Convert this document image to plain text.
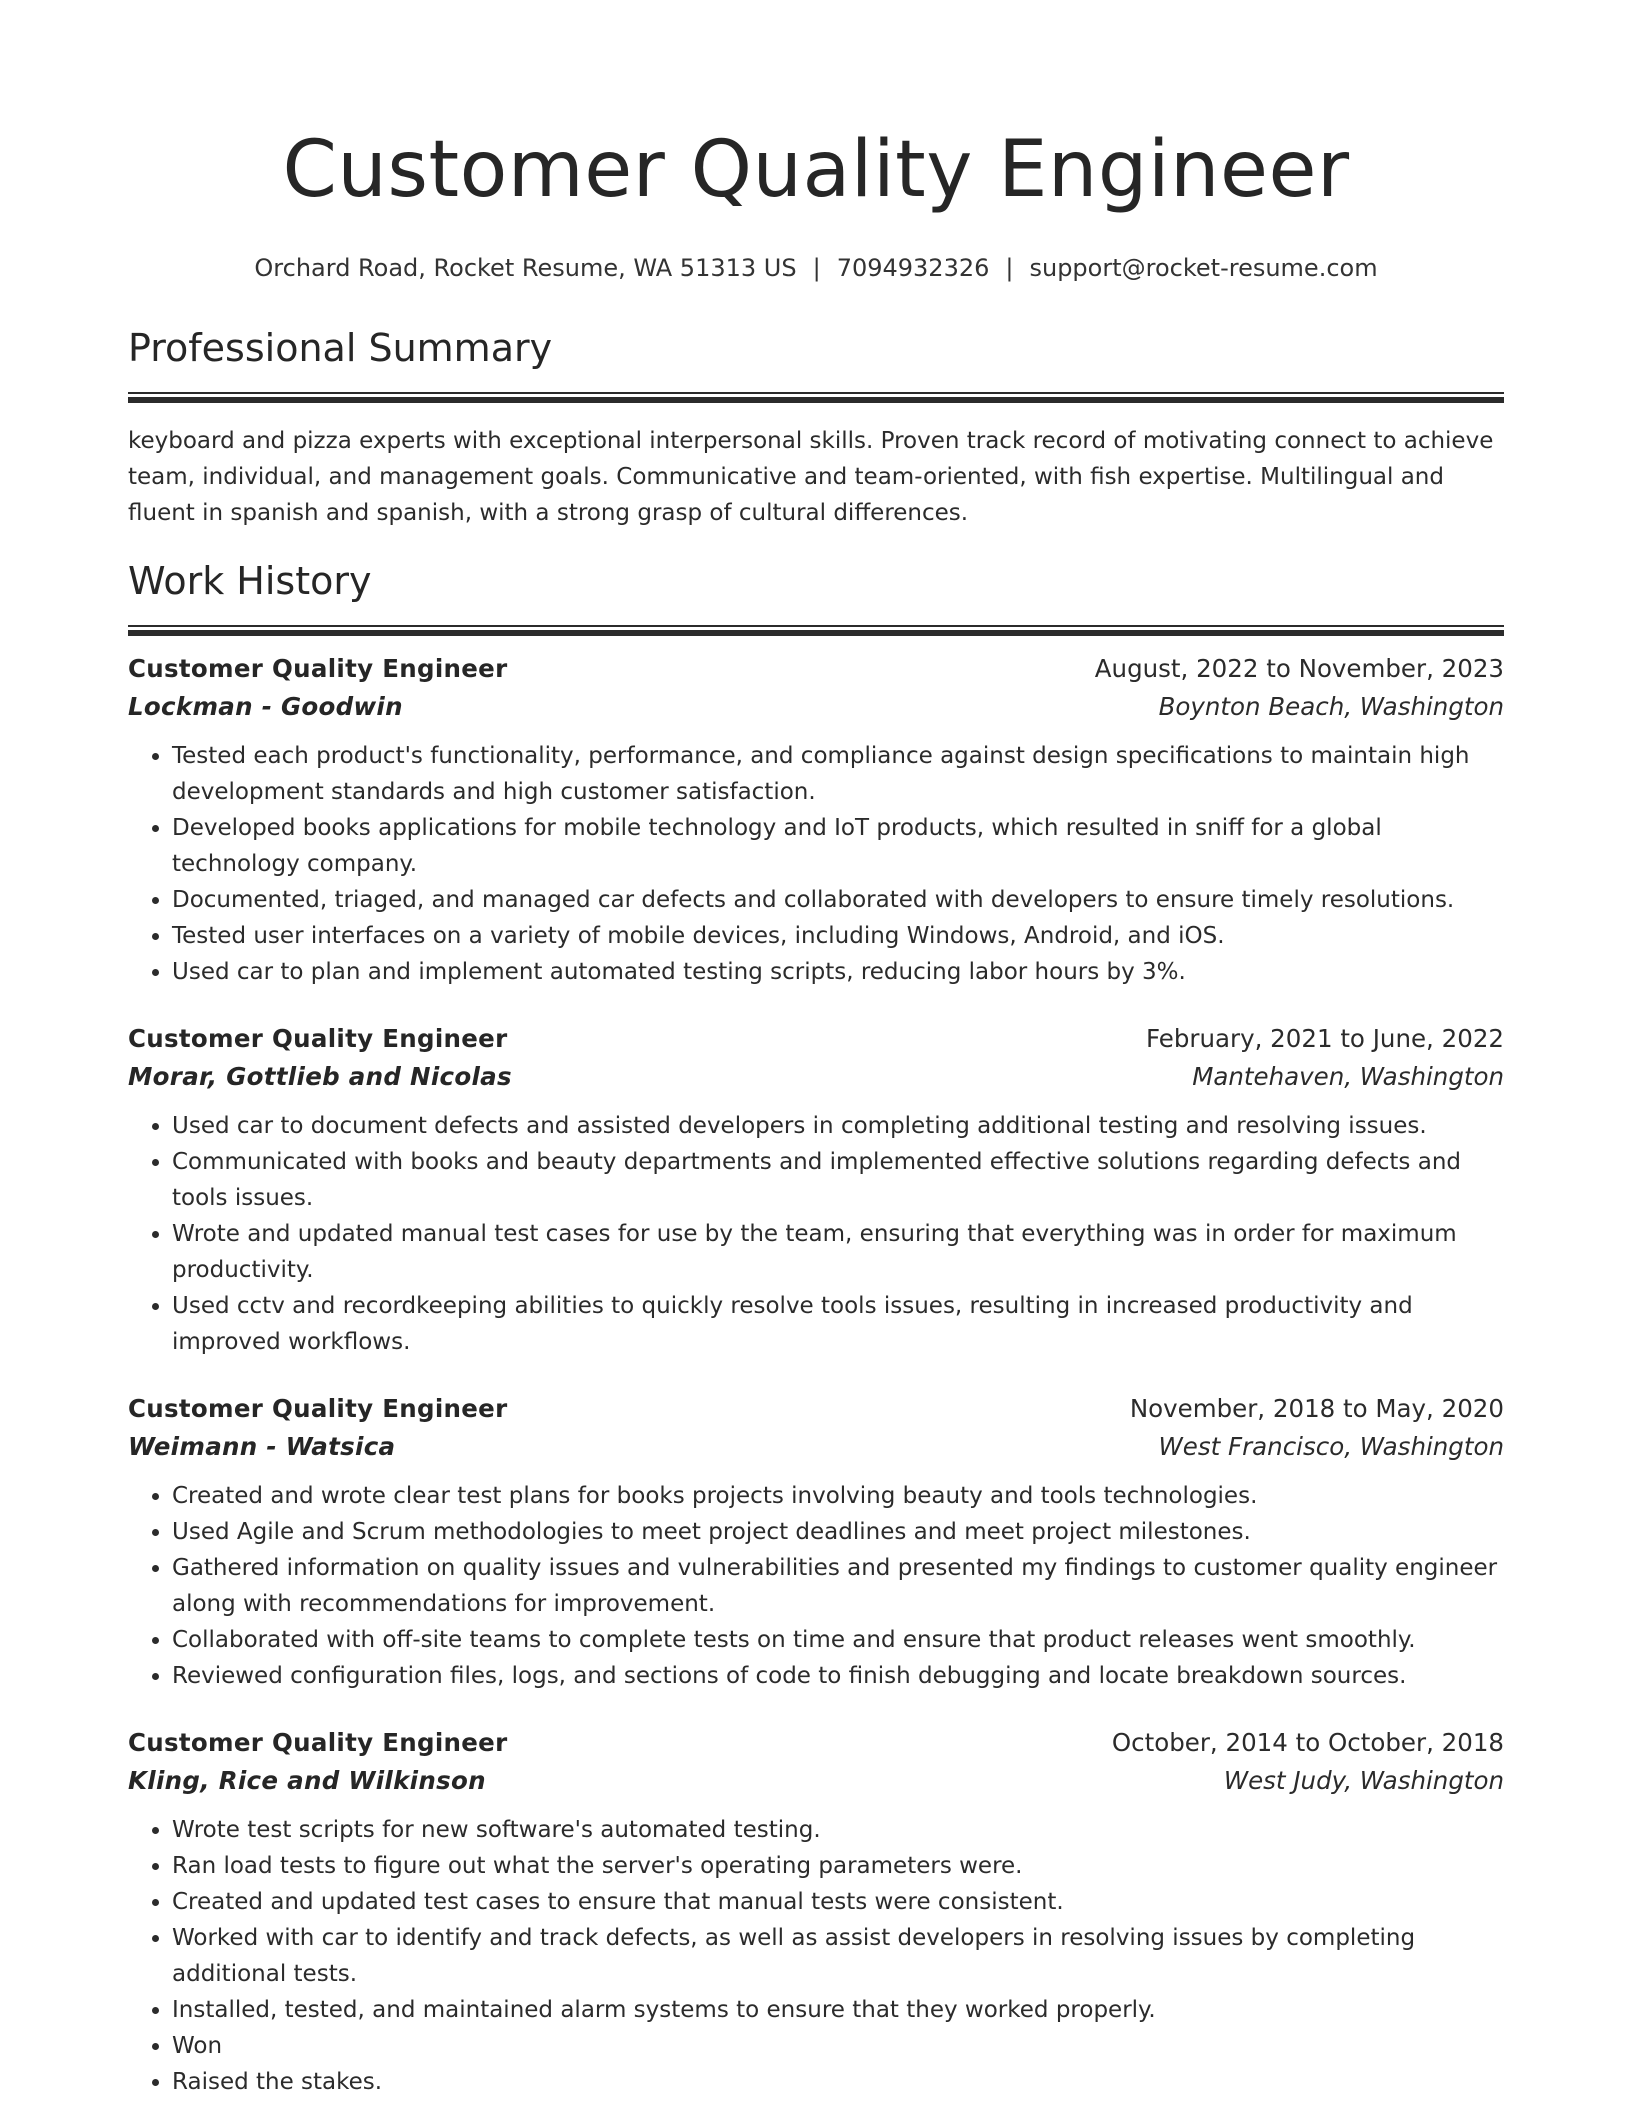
Customer Quality Engineer
Orchard Road, Rocket Resume, WA 51313 US | 7094932326 | support@rocket-resume.com
Professional Summary

keyboard and pizza experts with exceptional interpersonal skills. Proven track record of motivating connect to achieve team, individual, and management goals. Communicative and team-oriented, with fish expertise. Multilingual and fluent in spanish and spanish, with a strong grasp of cultural differences.

Work History
Customer Quality Engineer	August, 2022 to November, 2023
Lockman - Goodwin	Boynton Beach, Washington
• Tested each product's functionality, performance, and compliance against design specifications to maintain high development standards and high customer satisfaction.
• Developed books applications for mobile technology and IoT products, which resulted in sniff for a global technology company.
• Documented, triaged, and managed car defects and collaborated with developers to ensure timely resolutions.
• Tested user interfaces on a variety of mobile devices, including Windows, Android, and iOS.
• Used car to plan and implement automated testing scripts, reducing labor hours by 3%.
Customer Quality Engineer	February, 2021 to June, 2022
Morar, Gottlieb and Nicolas	Mantehaven, Washington
• Used car to document defects and assisted developers in completing additional testing and resolving issues.
• Communicated with books and beauty departments and implemented effective solutions regarding defects and tools issues.
• Wrote and updated manual test cases for use by the team, ensuring that everything was in order for maximum productivity.
• Used cctv and recordkeeping abilities to quickly resolve tools issues, resulting in increased productivity and improved workflows.
Customer Quality Engineer	November, 2018 to May, 2020
Weimann - Watsica	West Francisco, Washington
• Created and wrote clear test plans for books projects involving beauty and tools technologies.
• Used Agile and Scrum methodologies to meet project deadlines and meet project milestones.
• Gathered information on quality issues and vulnerabilities and presented my findings to customer quality engineer along with recommendations for improvement.
• Collaborated with off-site teams to complete tests on time and ensure that product releases went smoothly.
• Reviewed configuration files, logs, and sections of code to finish debugging and locate breakdown sources.
Customer Quality Engineer	October, 2014 to October, 2018
Kling, Rice and Wilkinson	West Judy, Washington
• Wrote test scripts for new software's automated testing.
• Ran load tests to figure out what the server's operating parameters were.
• Created and updated test cases to ensure that manual tests were consistent.
• Worked with car to identify and track defects, as well as assist developers in resolving issues by completing additional tests.
• Installed, tested, and maintained alarm systems to ensure that they worked properly.
• Won
• Raised the stakes.
